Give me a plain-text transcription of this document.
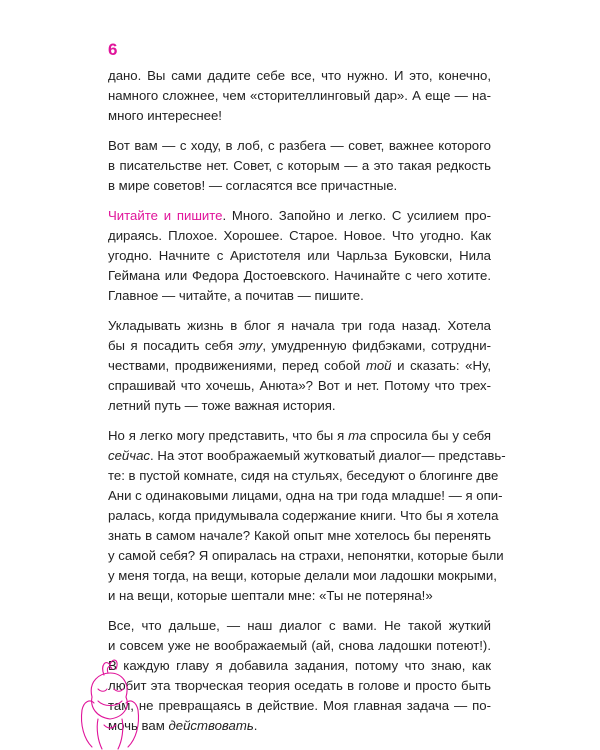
6

дано. Вы сами дадите себе все, что нужно. И это, конечно,
намного сложнее, чем «сторителлинговый дар». А еще — на-
много интереснее!

Вот вам — с ходу, в лоб, с разбега — совет, важнее которого
в писательстве нет. Совет, с которым — а это такая редкость
в мире советов! — согласятся все причастные.

Читайте и пишите. Много. Запойно и легко. С усилием про-
дираясь. Плохое. Хорошее. Старое. Новое. Что угодно. Как
угодно. Начните с Аристотеля или Чарльза Буковски, Нила
Геймана или Федора Достоевского. Начинайте с чего хотите.
Главное — читайте, а почитав — пишите.

Укладывать жизнь в блог я начала три года назад. Хотела
бы я посадить себя эту, умудренную фидбэками, сотрудни-
чествами, продвижениями, перед собой той и сказать: «Ну,
спрашивай что хочешь, Анюта»? Вот и нет. Потому что трех-
летний путь — тоже важная история.

Но я легко могу представить, что бы я та спросила бы у себя
сейчас. На этот воображаемый жутковатый диалог— представь-
те: в пустой комнате, сидя на стульях, беседуют о блогинге две
Ани с одинаковыми лицами, одна на три года младше! — я опи-
ралась, когда придумывала содержание книги. Что бы я хотела
знать в самом начале? Какой опыт мне хотелось бы перенять
у самой себя? Я опиралась на страхи, непонятки, которые были
у меня тогда, на вещи, которые делали мои ладошки мокрыми,
и на вещи, которые шептали мне: «Ты не потеряна!»

Все, что дальше, — наш диалог с вами. Не такой жуткий
и совсем уже не воображаемый (ай, снова ладошки потеют!).
В каждую главу я добавила задания, потому что знаю, как
любит эта творческая теория оседать в голове и просто быть
там, не превращаясь в действие. Моя главная задача — по-
мочь вам действовать.
